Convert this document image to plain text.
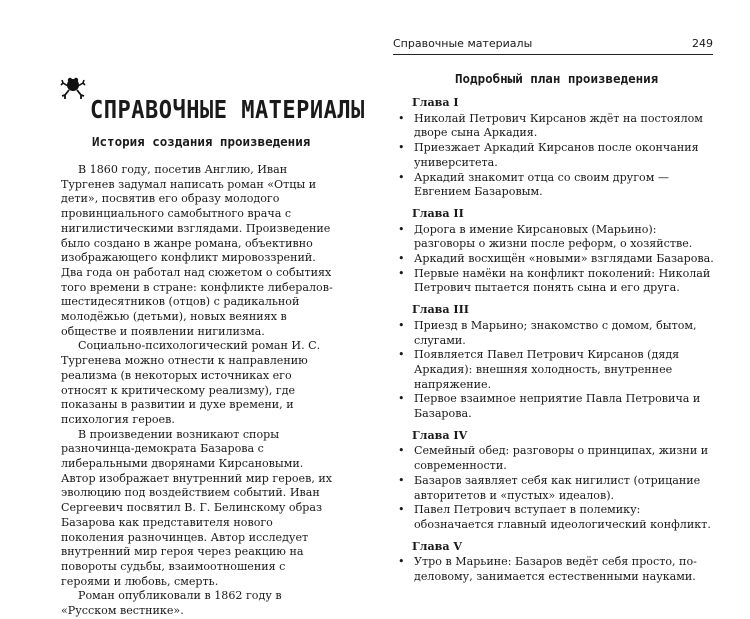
СПРАВОЧНЫЕ МАТЕРИАЛЫ
История создания произведения

В 1860 году, посетив Англию, Иван Тургенев задумал написать роман «Отцы и дети», посвятив его образу молодого провинциального самобытного врача с нигилистическими взглядами. Произведение было создано в жанре романа, объективно изображающего конфликт мировоззрений. Два года он работал над сюжетом о событиях того времени в стране: конфликте либералов-шестидесятников (отцов) с радикальной молодёжью (детьми), новых веяниях в обществе и появлении нигилизма.

Социально-психологический роман И. С. Тургенева можно отнести к направлению реализма (в некоторых источниках его относят к критическому реализму), где показаны в развитии и духе времени, и психология героев.

В произведении возникают споры разночинца-демократа Базарова с либеральными дворянами Кирсановыми. Автор изображает внутренний мир героев, их эволюцию под воздействием событий. Иван Сергеевич посвятил В. Г. Белинскому образ Базарова как представителя нового поколения разночинцев. Автор исследует внутренний мир героя через реакцию на повороты судьбы, взаимоотношения с героями и любовь, смерть.

Роман опубликовали в 1862 году в «Русском вестнике».

Справочные материалы	249
Подробный план произведения
Глава I
• Николай Петрович Кирсанов ждёт на постоялом дворе сына Аркадия.
• Приезжает Аркадий Кирсанов после окончания университета.
• Аркадий знакомит отца со своим другом — Евгением Базаровым.
Глава II
• Дорога в имение Кирсановых (Марьино): разговоры о жизни после реформ, о хозяйстве.
• Аркадий восхищён «новыми» взглядами Базарова.
• Первые намёки на конфликт поколений: Николай Петрович пытается понять сына и его друга.
Глава III
• Приезд в Марьино; знакомство с домом, бытом, слугами.
• Появляется Павел Петрович Кирсанов (дядя Аркадия): внешняя холодность, внутреннее напряжение.
• Первое взаимное неприятие Павла Петровича и Базарова.
Глава IV
• Семейный обед: разговоры о принципах, жизни и современности.
• Базаров заявляет себя как нигилист (отрицание авторитетов и «пустых» идеалов).
• Павел Петрович вступает в полемику: обозначается главный идеологический конфликт.
Глава V
• Утро в Марьине: Базаров ведёт себя просто, по-деловому, занимается естественными науками.
